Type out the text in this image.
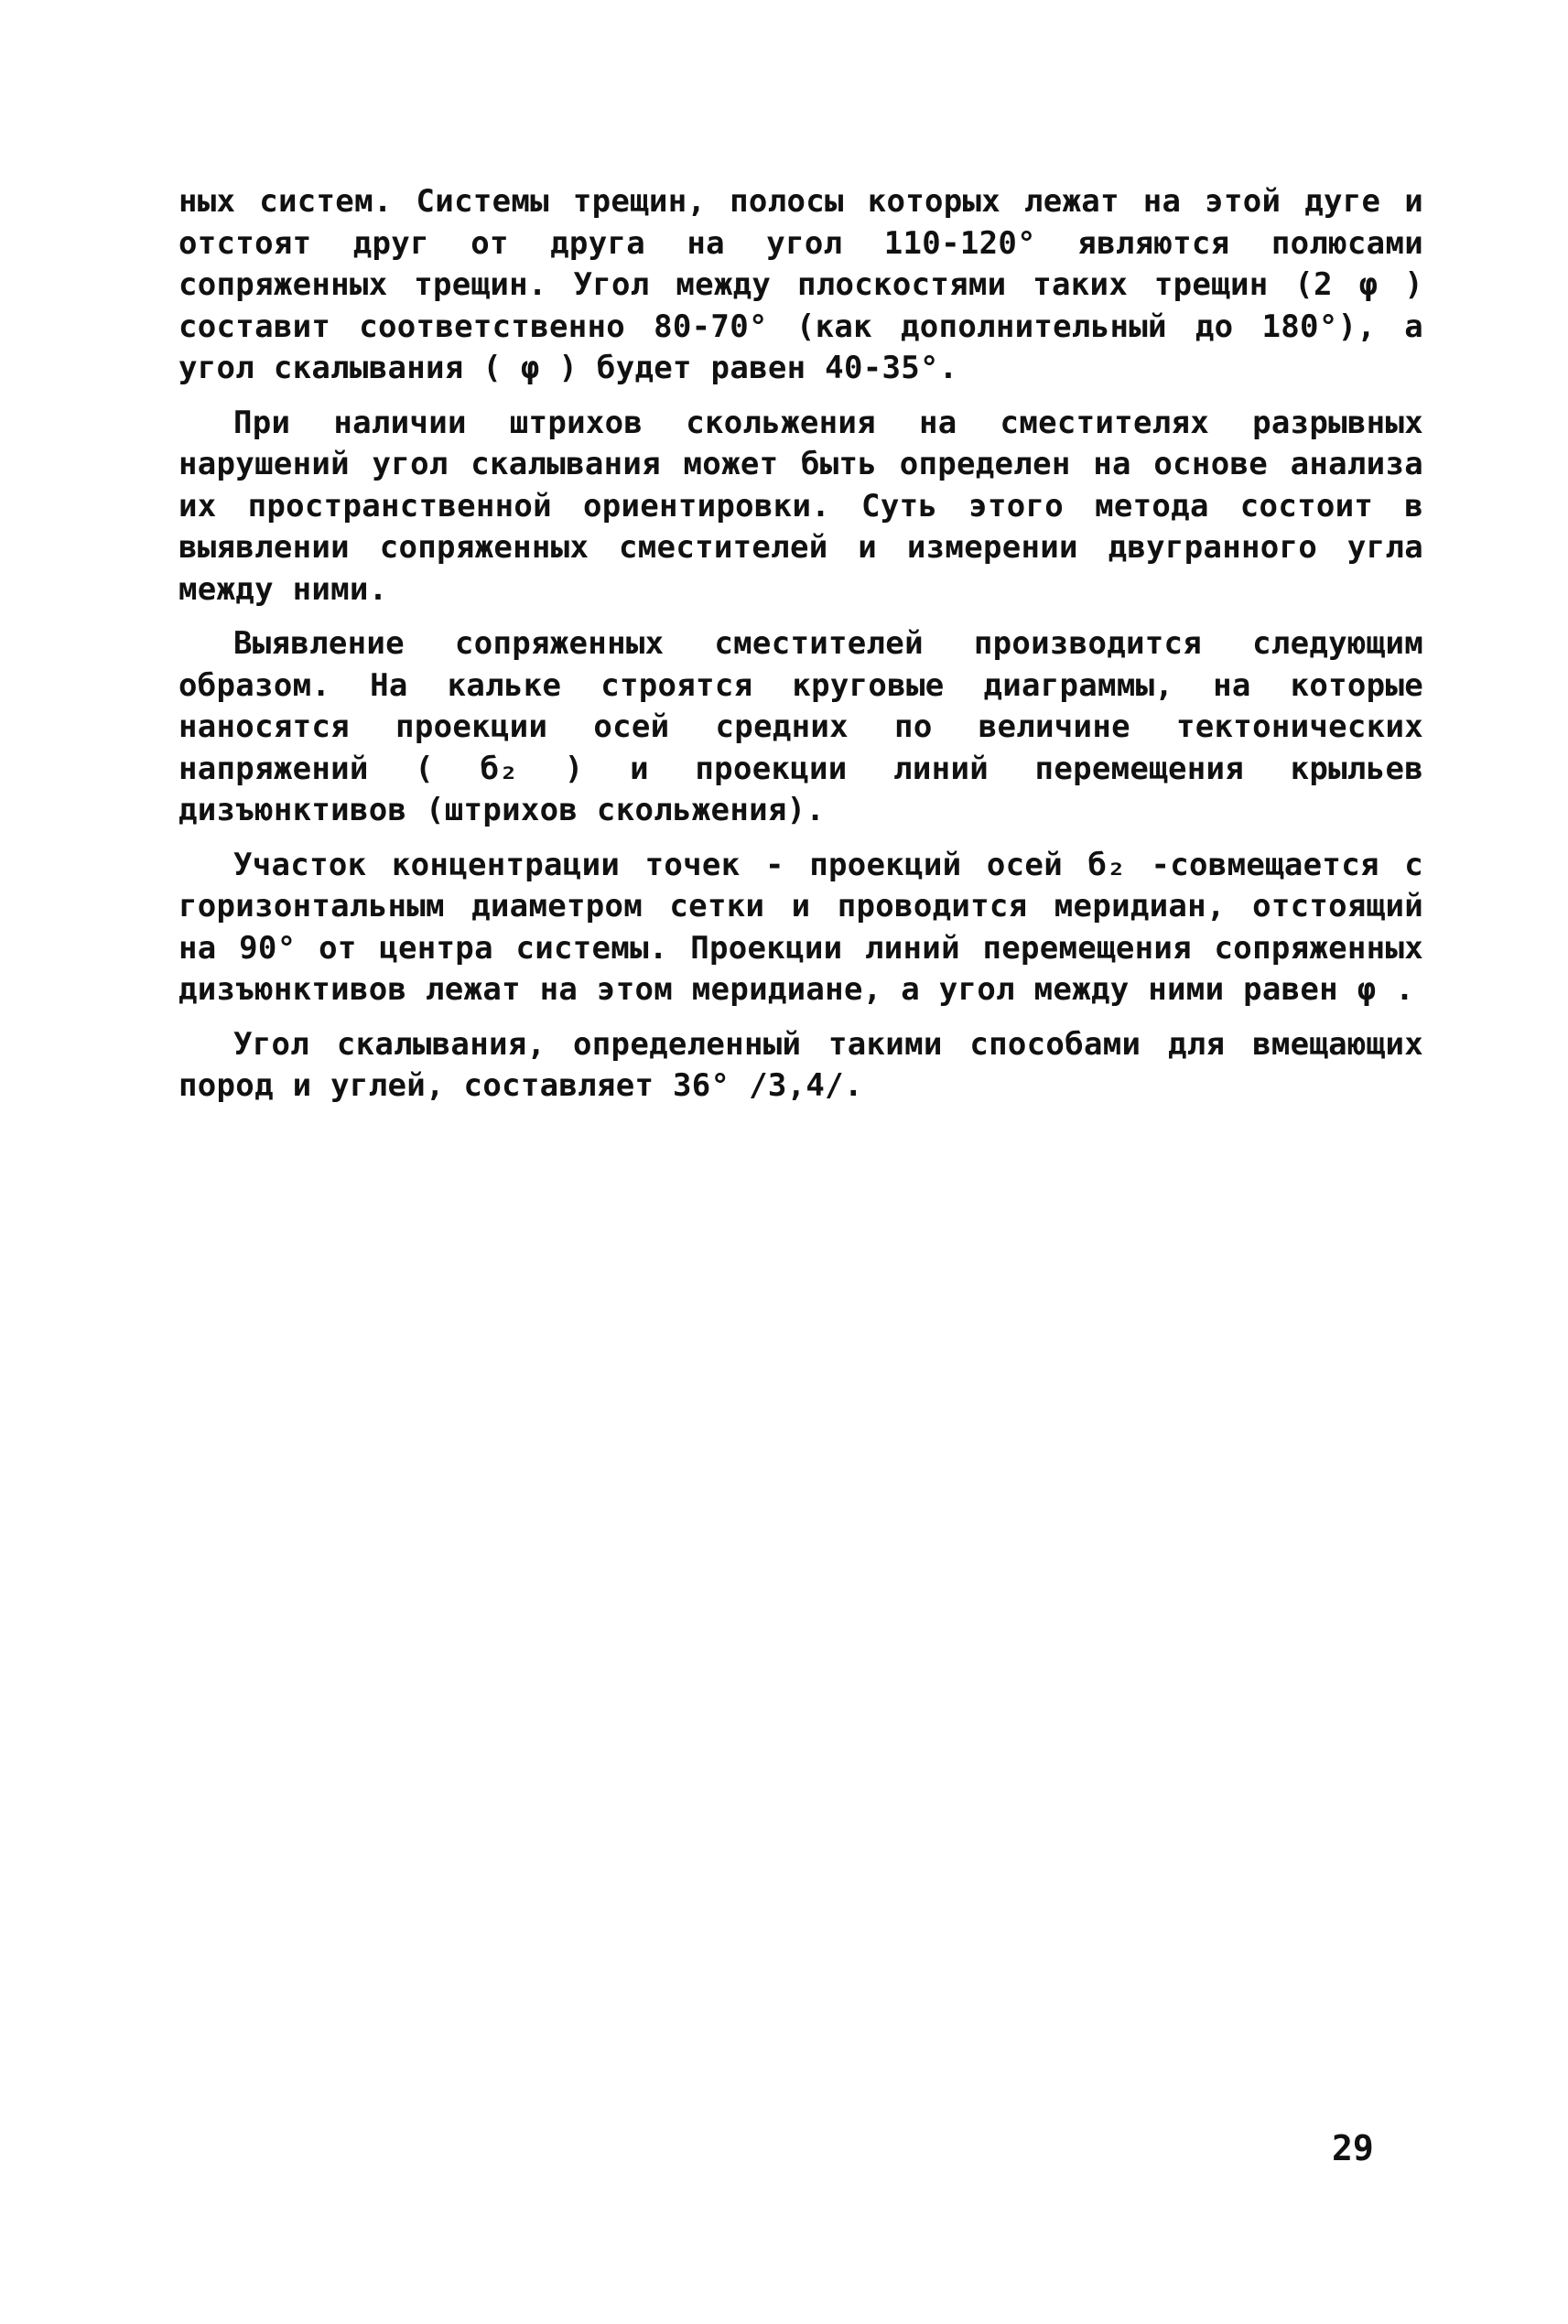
ных систем. Системы трещин, полосы которых лежат на этой дуге и отстоят друг от друга на угол 110-120° являются полюсами сопряженных трещин. Угол между плоскостями таких трещин (2 φ ) составит соответственно 80-70° (как дополнительный до 180°), а угол скалывания ( φ ) будет равен 40-35°.

При наличии штрихов скольжения на сместителях разрывных нарушений угол скалывания может быть определен на основе анализа их пространственной ориентировки. Суть этого метода состоит в выявлении сопряженных сместителей и измерении двугранного угла между ними.

Выявление сопряженных сместителей производится следующим образом. На кальке строятся круговые диаграммы, на которые наносятся проекции осей средних по величине тектонических напряжений ( б₂ ) и проекции линий перемещения крыльев дизъюнктивов (штрихов скольжения).

Участок концентрации точек - проекций осей б₂ -совмещается с горизонтальным диаметром сетки и проводится меридиан, отстоящий на 90° от центра системы. Проекции линий перемещения сопряженных дизъюнктивов лежат на этом меридиане, а угол между ними равен φ .

Угол скалывания, определенный такими способами для вмещающих пород и углей, составляет 36° /3,4/.

29
